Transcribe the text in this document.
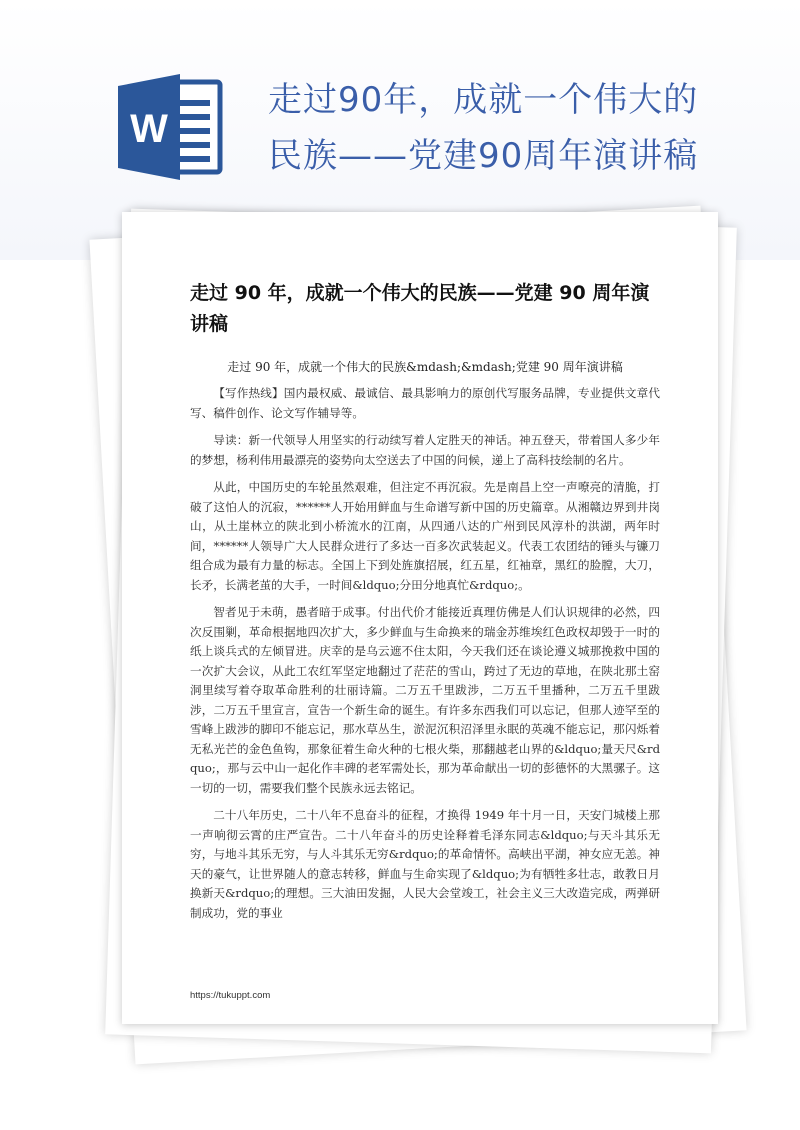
W
走过90年，成就一个伟大的
民族——党建90周年演讲稿
走过 90 年，成就一个伟大的民族——党建 90 周年演讲稿
走过 90 年，成就一个伟大的民族&mdash;&mdash;党建 90 周年演讲稿

【写作热线】国内最权威、最诚信、最具影响力的原创代写服务品牌，专业提供文章代写、稿件创作、论文写作辅导等。

导读：新一代领导人用坚实的行动续写着人定胜天的神话。神五登天，带着国人多少年的梦想，杨利伟用最漂亮的姿势向太空送去了中国的问候，递上了高科技绘制的名片。

从此，中国历史的车轮虽然艰难，但注定不再沉寂。先是南昌上空一声嘹亮的清脆，打破了这怕人的沉寂，******人开始用鲜血与生命谱写新中国的历史篇章。从湘赣边界到井岗山，从土崖林立的陕北到小桥流水的江南，从四通八达的广州到民风淳朴的洪湖，两年时间，******人领导广大人民群众进行了多达一百多次武装起义。代表工农团结的锤头与镰刀组合成为最有力量的标志。全国上下到处旌旗招展，红五星，红袖章，黑红的脸膛，大刀，长矛，长满老茧的大手，一时间&ldquo;分田分地真忙&rdquo;。

智者见于未萌，愚者暗于成事。付出代价才能接近真理仿佛是人们认识规律的必然，四次反围剿，革命根据地四次扩大，多少鲜血与生命换来的瑞金苏维埃红色政权却毁于一时的纸上谈兵式的左倾冒进。庆幸的是乌云遮不住太阳，今天我们还在谈论遵义城那挽救中国的一次扩大会议，从此工农红军坚定地翻过了茫茫的雪山，跨过了无边的草地，在陕北那土窑洞里续写着夺取革命胜利的壮丽诗篇。二万五千里跋涉，二万五千里播种，二万五千里跋涉，二万五千里宣言，宣告一个新生命的诞生。有许多东西我们可以忘记，但那人迹罕至的雪峰上跋涉的脚印不能忘记，那水草丛生，淤泥沉积沼泽里永眠的英魂不能忘记，那闪烁着无私光芒的金色鱼钩，那象征着生命火种的七根火柴，那翻越老山界的&ldquo;量天尺&rdquo;，那与云中山一起化作丰碑的老军需处长，那为革命献出一切的彭德怀的大黑骡子。这一切的一切，需要我们整个民族永远去铭记。

二十八年历史，二十八年不息奋斗的征程，才换得 1949 年十月一日，天安门城楼上那一声响彻云霄的庄严宣告。二十八年奋斗的历史诠释着毛泽东同志&ldquo;与天斗其乐无穷，与地斗其乐无穷，与人斗其乐无穷&rdquo;的革命情怀。高峡出平湖，神女应无恙。神天的豪气，让世界随人的意志转移，鲜血与生命实现了&ldquo;为有牺牲多壮志，敢教日月换新天&rdquo;的理想。三大油田发掘，人民大会堂竣工，社会主义三大改造完成，两弹研制成功，党的事业

https://tukuppt.com
